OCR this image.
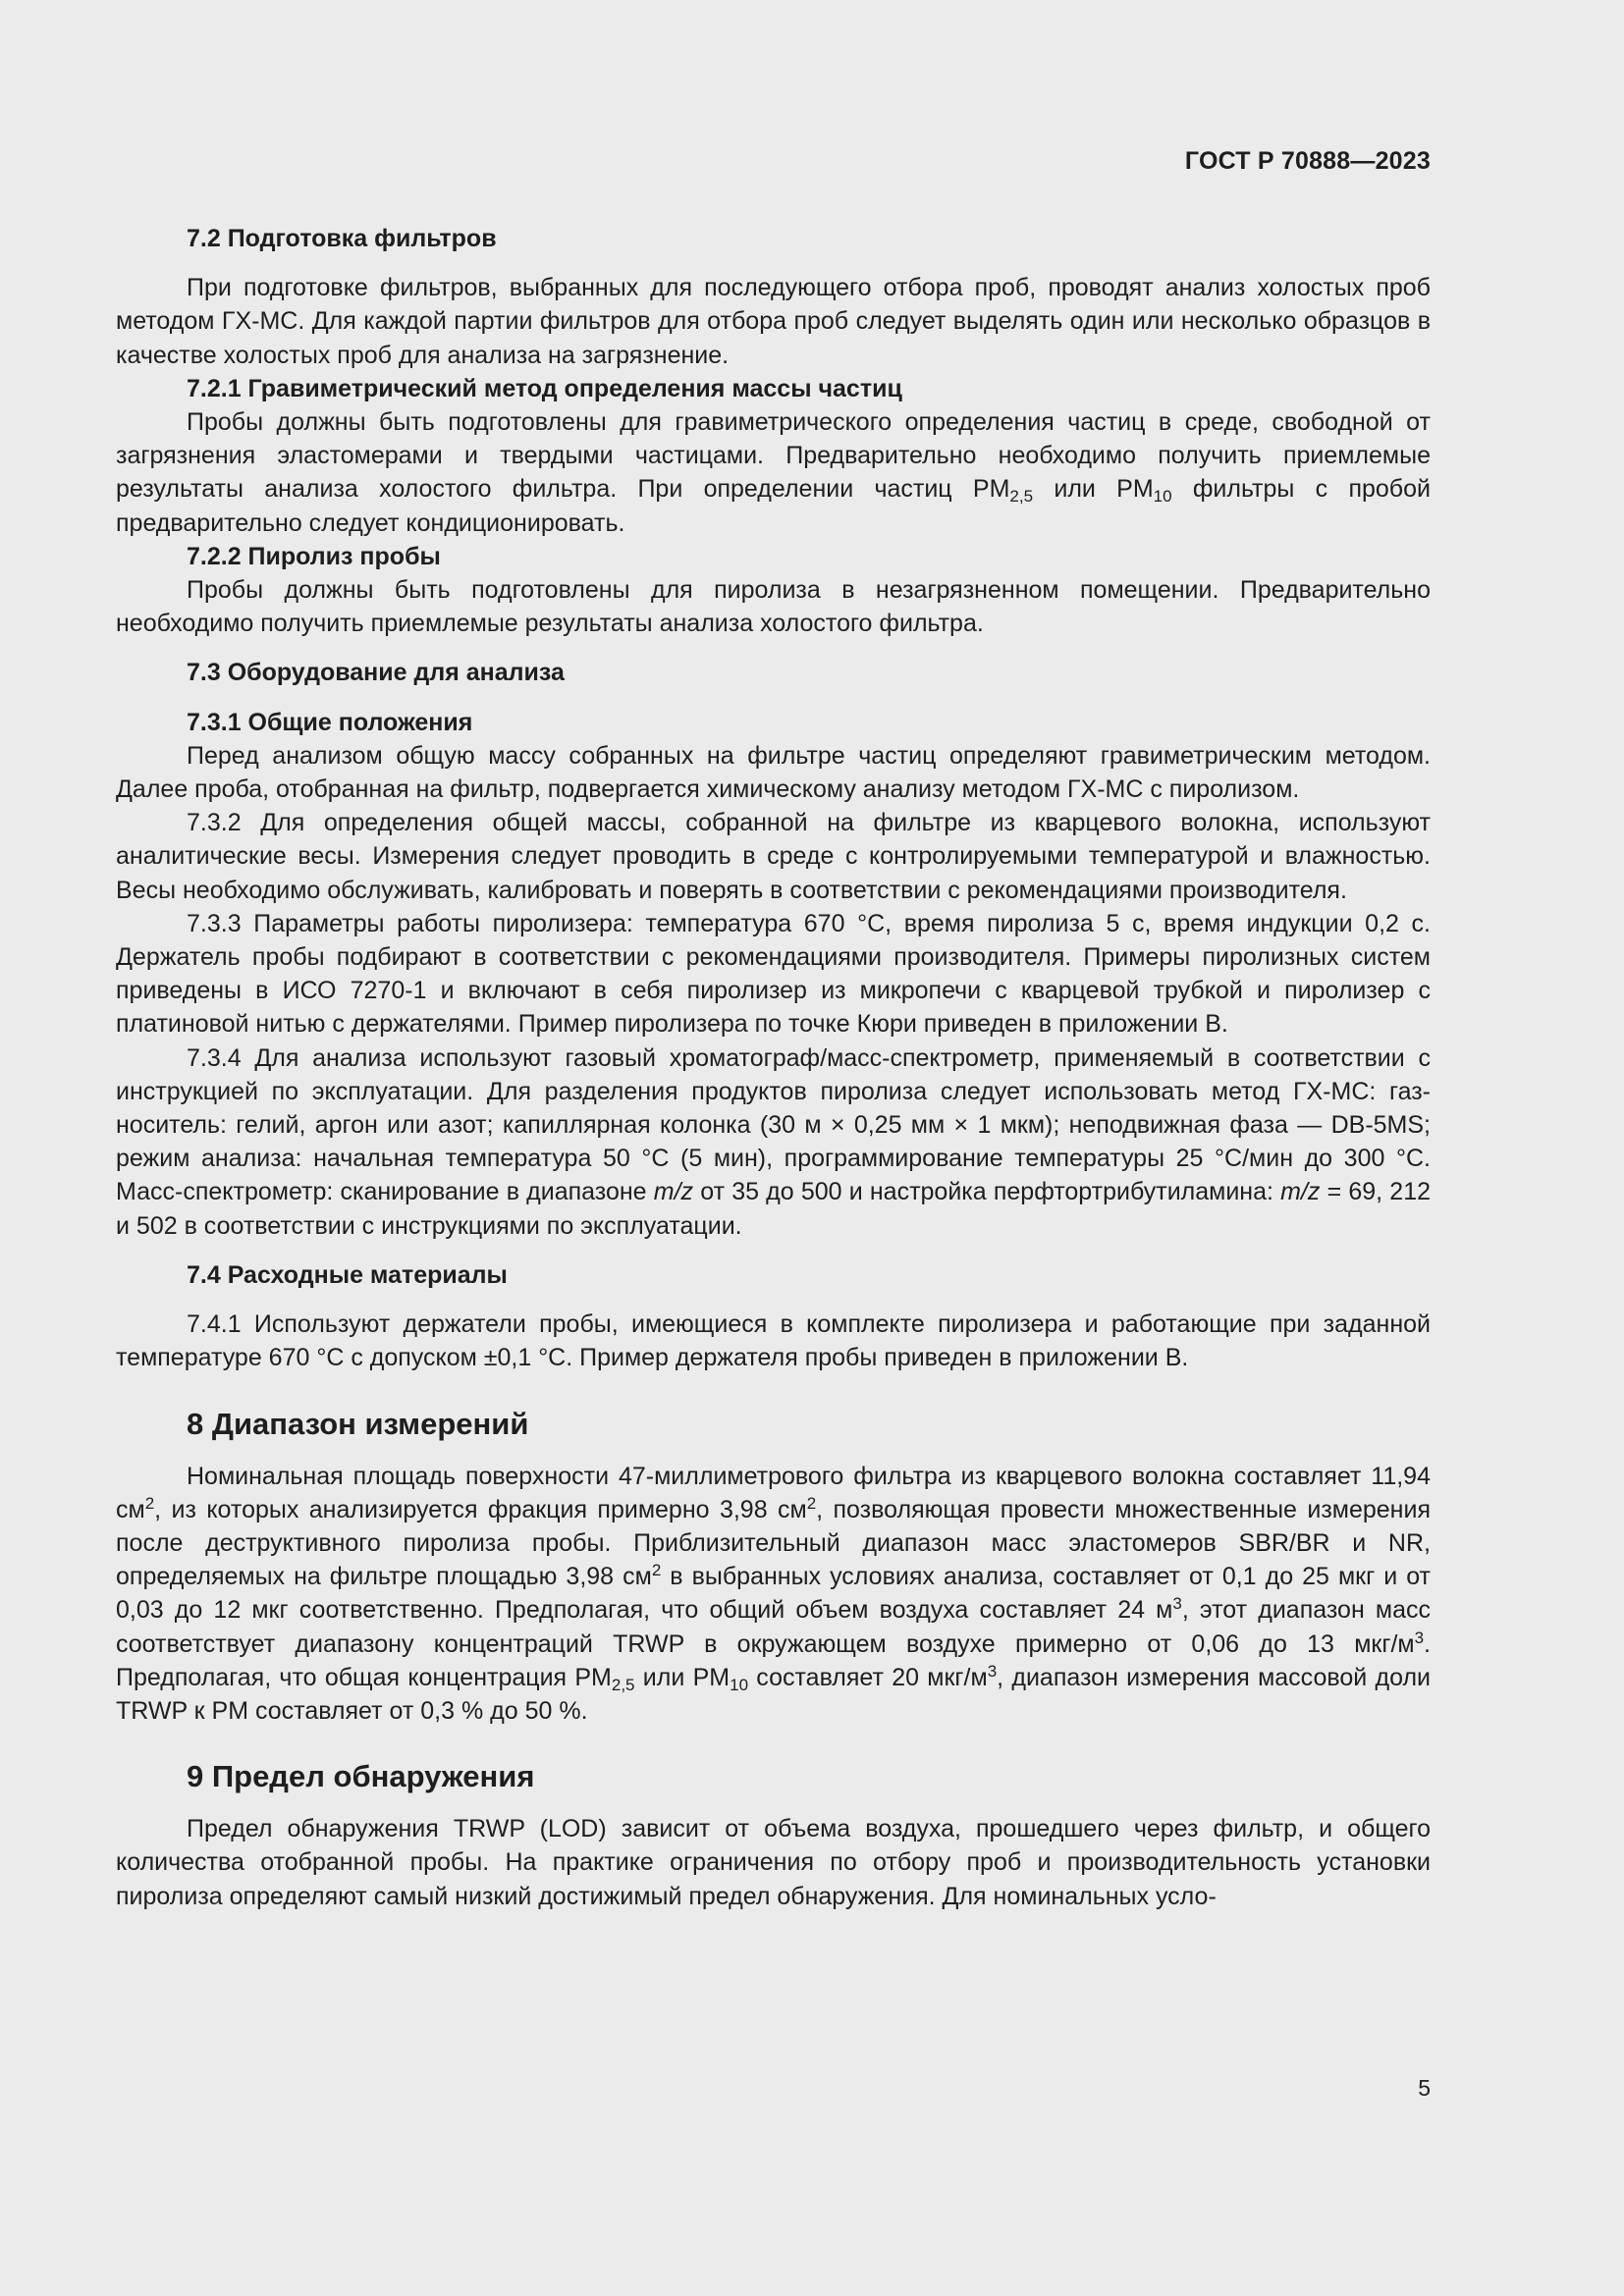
ГОСТ Р 70888—2023
7.2 Подготовка фильтров

При подготовке фильтров, выбранных для последующего отбора проб, проводят анализ холостых проб методом ГХ-МС. Для каждой партии фильтров для отбора проб следует выделять один или несколько образцов в качестве холостых проб для анализа на загрязнение.

7.2.1 Гравиметрический метод определения массы частиц

Пробы должны быть подготовлены для гравиметрического определения частиц в среде, свободной от загрязнения эластомерами и твердыми частицами. Предварительно необходимо получить приемлемые результаты анализа холостого фильтра. При определении частиц $PM_{2,5}$ или $PM_{10}$ фильтры с пробой предварительно следует кондиционировать.

7.2.2 Пиролиз пробы

Пробы должны быть подготовлены для пиролиза в незагрязненном помещении. Предварительно необходимо получить приемлемые результаты анализа холостого фильтра.

7.3 Оборудование для анализа
7.3.1 Общие положения

Перед анализом общую массу собранных на фильтре частиц определяют гравиметрическим методом. Далее проба, отобранная на фильтр, подвергается химическому анализу методом ГХ-МС с пиролизом.

7.3.2 Для определения общей массы, собранной на фильтре из кварцевого волокна, используют аналитические весы. Измерения следует проводить в среде с контролируемыми температурой и влажностью. Весы необходимо обслуживать, калибровать и поверять в соответствии с рекомендациями производителя.

7.3.3 Параметры работы пиролизера: температура 670 °С, время пиролиза 5 с, время индукции 0,2 с. Держатель пробы подбирают в соответствии с рекомендациями производителя. Примеры пиролизных систем приведены в ИСО 7270-1 и включают в себя пиролизер из микропечи с кварцевой трубкой и пиролизер с платиновой нитью с держателями. Пример пиролизера по точке Кюри приведен в приложении В.

7.3.4 Для анализа используют газовый хроматограф/масс-спектрометр, применяемый в соответствии с инструкцией по эксплуатации. Для разделения продуктов пиролиза следует использовать метод ГХ-МС: газ-носитель: гелий, аргон или азот; капиллярная колонка (30 м × 0,25 мм × 1 мкм); неподвижная фаза — DB-5MS; режим анализа: начальная температура 50 °С (5 мин), программирование температуры 25 °С/мин до 300 °С. Масс-спектрометр: сканирование в диапазоне m/z от 35 до 500 и настройка перфтортрибутиламина: m/z = 69, 212 и 502 в соответствии с инструкциями по эксплуатации.

7.4 Расходные материалы

7.4.1 Используют держатели пробы, имеющиеся в комплекте пиролизера и работающие при заданной температуре 670 °С с допуском ±0,1 °С. Пример держателя пробы приведен в приложении В.

8 Диапазон измерений

Номинальная площадь поверхности 47-миллиметрового фильтра из кварцевого волокна составляет 11,94 $см^2$, из которых анализируется фракция примерно 3,98 $см^2$, позволяющая провести множественные измерения после деструктивного пиролиза пробы. Приблизительный диапазон масс эластомеров SBR/BR и NR, определяемых на фильтре площадью 3,98 $см^2$ в выбранных условиях анализа, составляет от 0,1 до 25 мкг и от 0,03 до 12 мкг соответственно. Предполагая, что общий объем воздуха составляет 24 $м^3$, этот диапазон масс соответствует диапазону концентраций TRWP в окружающем воздухе примерно от 0,06 до 13 мкг/$м^3$. Предполагая, что общая концентрация $PM_{2,5}$ или $PM_{10}$ составляет 20 мкг/$м^3$, диапазон измерения массовой доли TRWP к PM составляет от 0,3 % до 50 %.

9 Предел обнаружения

Предел обнаружения TRWP (LOD) зависит от объема воздуха, прошедшего через фильтр, и общего количества отобранной пробы. На практике ограничения по отбору проб и производительность установки пиролиза определяют самый низкий достижимый предел обнаружения. Для номинальных усло-

5
